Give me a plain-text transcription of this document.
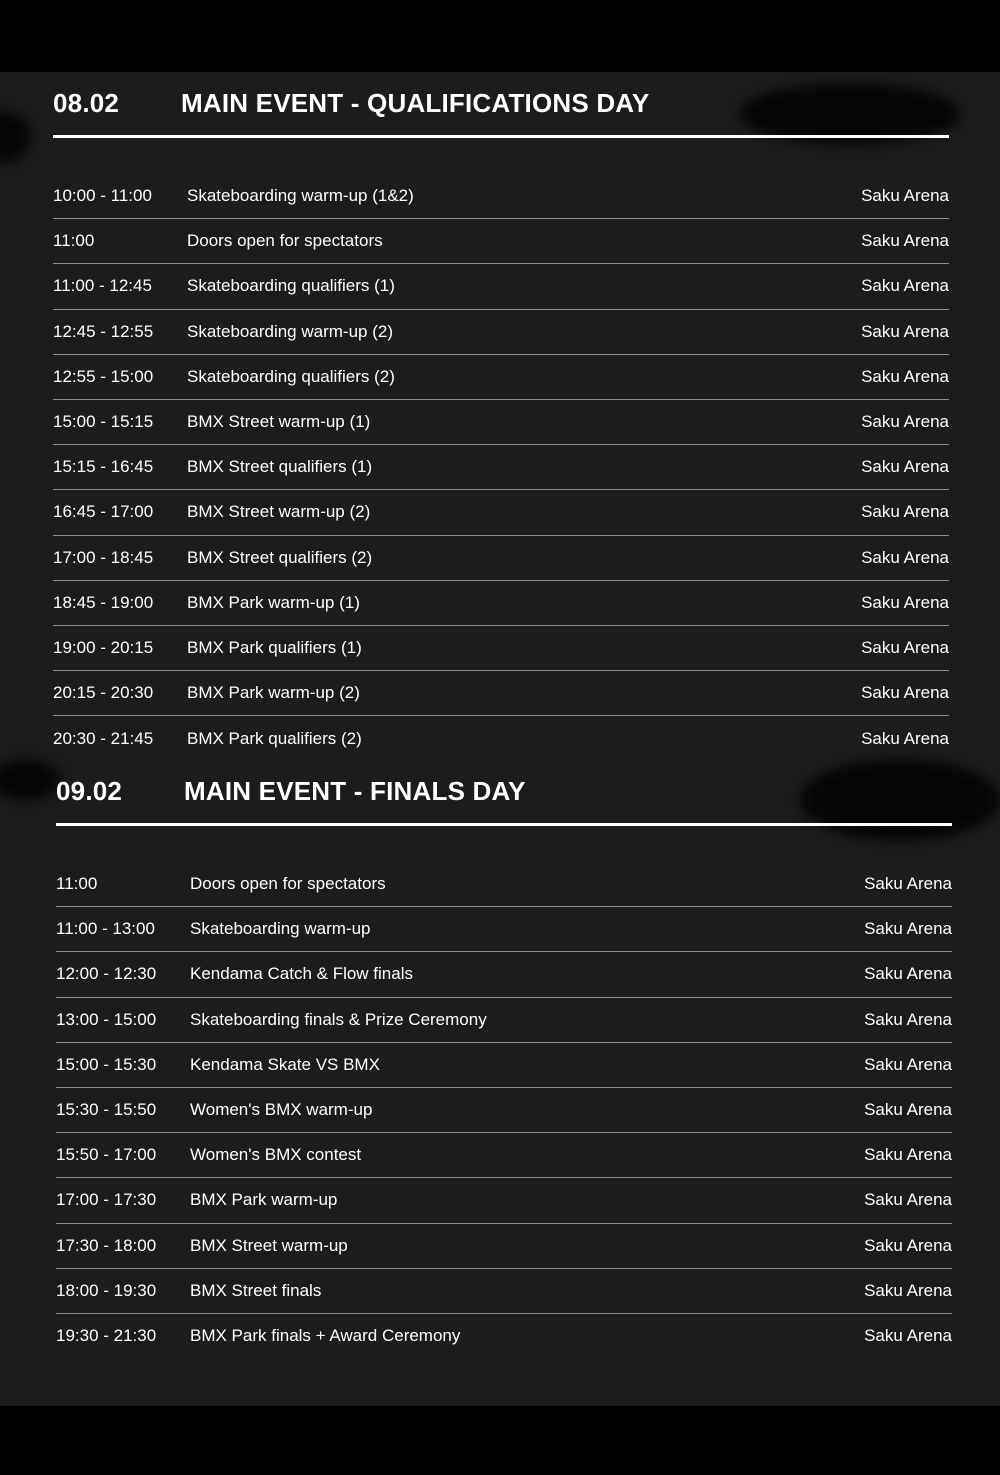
08.02	MAIN EVENT - QUALIFICATIONS DAY
10:00 - 11:00	Skateboarding warm-up (1&2)	Saku Arena
11:00	Doors open for spectators	Saku Arena
11:00 - 12:45	Skateboarding qualifiers (1)	Saku Arena
12:45 - 12:55	Skateboarding warm-up (2)	Saku Arena
12:55 - 15:00	Skateboarding qualifiers (2)	Saku Arena
15:00 - 15:15	BMX Street warm-up (1)	Saku Arena
15:15 - 16:45	BMX Street qualifiers (1)	Saku Arena
16:45 - 17:00	BMX Street warm-up (2)	Saku Arena
17:00 - 18:45	BMX Street qualifiers (2)	Saku Arena
18:45 - 19:00	BMX Park warm-up (1)	Saku Arena
19:00 - 20:15	BMX Park qualifiers (1)	Saku Arena
20:15 - 20:30	BMX Park warm-up (2)	Saku Arena
20:30 - 21:45	BMX Park qualifiers (2)	Saku Arena
09.02	MAIN EVENT - FINALS DAY
11:00	Doors open for spectators	Saku Arena
11:00 - 13:00	Skateboarding warm-up	Saku Arena
12:00 - 12:30	Kendama Catch & Flow finals	Saku Arena
13:00 - 15:00	Skateboarding finals & Prize Ceremony	Saku Arena
15:00 - 15:30	Kendama Skate VS BMX	Saku Arena
15:30 - 15:50	Women's BMX warm-up	Saku Arena
15:50 - 17:00	Women's BMX contest	Saku Arena
17:00 - 17:30	BMX Park warm-up	Saku Arena
17:30 - 18:00	BMX Street warm-up	Saku Arena
18:00 - 19:30	BMX Street finals	Saku Arena
19:30 - 21:30	BMX Park finals + Award Ceremony	Saku Arena
